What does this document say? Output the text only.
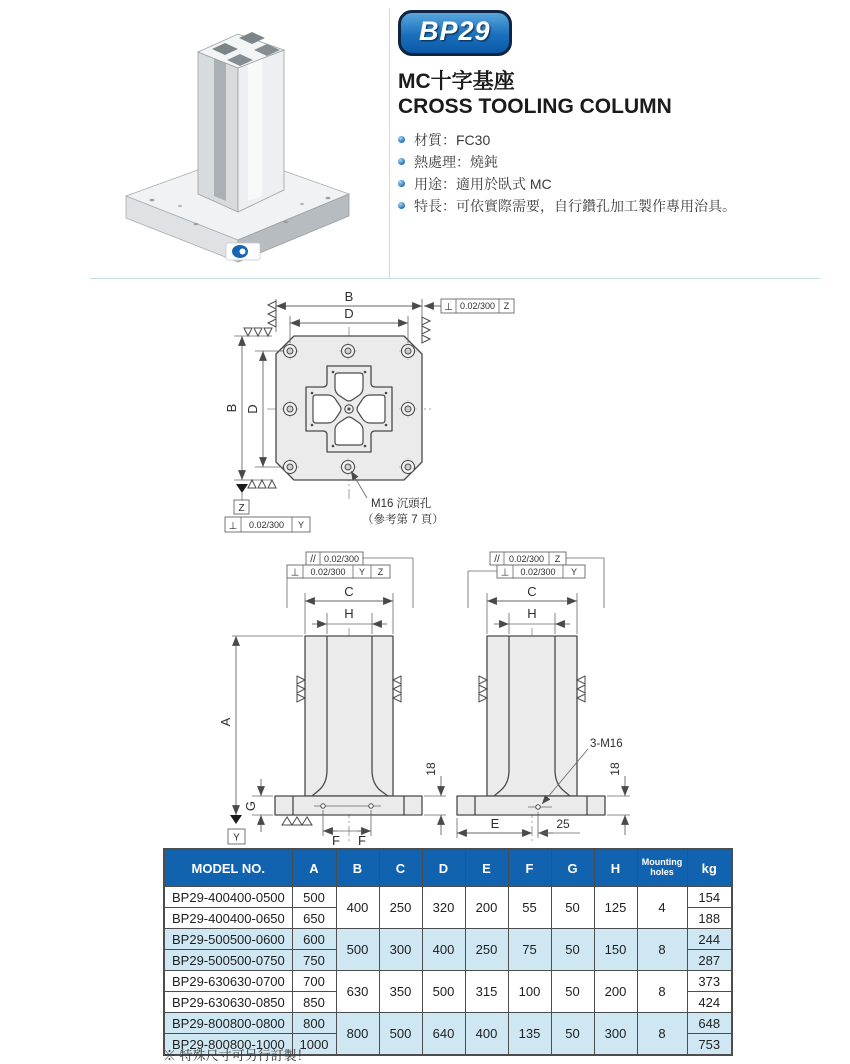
BP29
MC十字基座
CROSS TOOLING COLUMN
材質：FC30
熱處理：燒鈍
用途：適用於臥式 MC
特長：可依實際需要，自行鑽孔加工製作專用治具。
B
D
B D
Z
⊥ 0.02/300 Y
⊥ 0.02/300 Z
M16 沉頭孔
（參考第 7 頁）
// 0.02/300
⊥ 0.02/300 Y Z
C
H
A
Y
G
18
F F
// 0.02/300 Z
⊥ 0.02/300 Y
C
H
3-M16
18
E	25
MODEL NO.	A	B	C	D	E	F	G	H	Mounting holes	kg
BP29-400400-0500	500	400	250	320	200	55	50	125	4	154
BP29-400400-0650	650									188
BP29-500500-0600	600	500	300	400	250	75	50	150	8	244
BP29-500500-0750	750									287
BP29-630630-0700	700	630	350	500	315	100	50	200	8	373
BP29-630630-0850	850									424
BP29-800800-0800	800	800	500	640	400	135	50	300	8	648
BP29-800800-1000	1000									753
※ 特殊尺寸可另行訂製！
